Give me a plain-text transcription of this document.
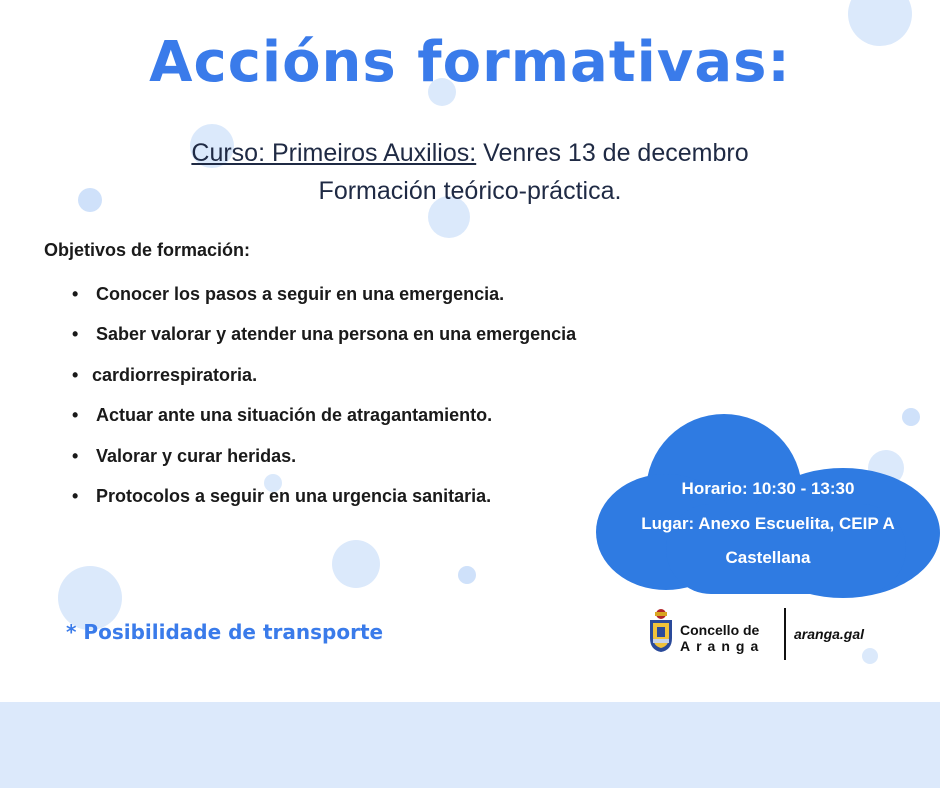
Accións formativas:
Curso: Primeiros Auxilios: Venres 13 de decembro
Formación teórico-práctica.
Objetivos de formación:
• Conocer los pasos a seguir en una emergencia.
• Saber valorar y atender una persona en una emergencia
• cardiorrespiratoria.
• Actuar ante una situación de atragantamiento.
• Valorar y curar heridas.
• Protocolos a seguir en una urgencia sanitaria.	Horario: 10:30 - 13:30
Lugar: Anexo Escuelita, CEIP A
Castellana
* Posibilidade de transporte	Concello de
Aranga
aranga.gal
